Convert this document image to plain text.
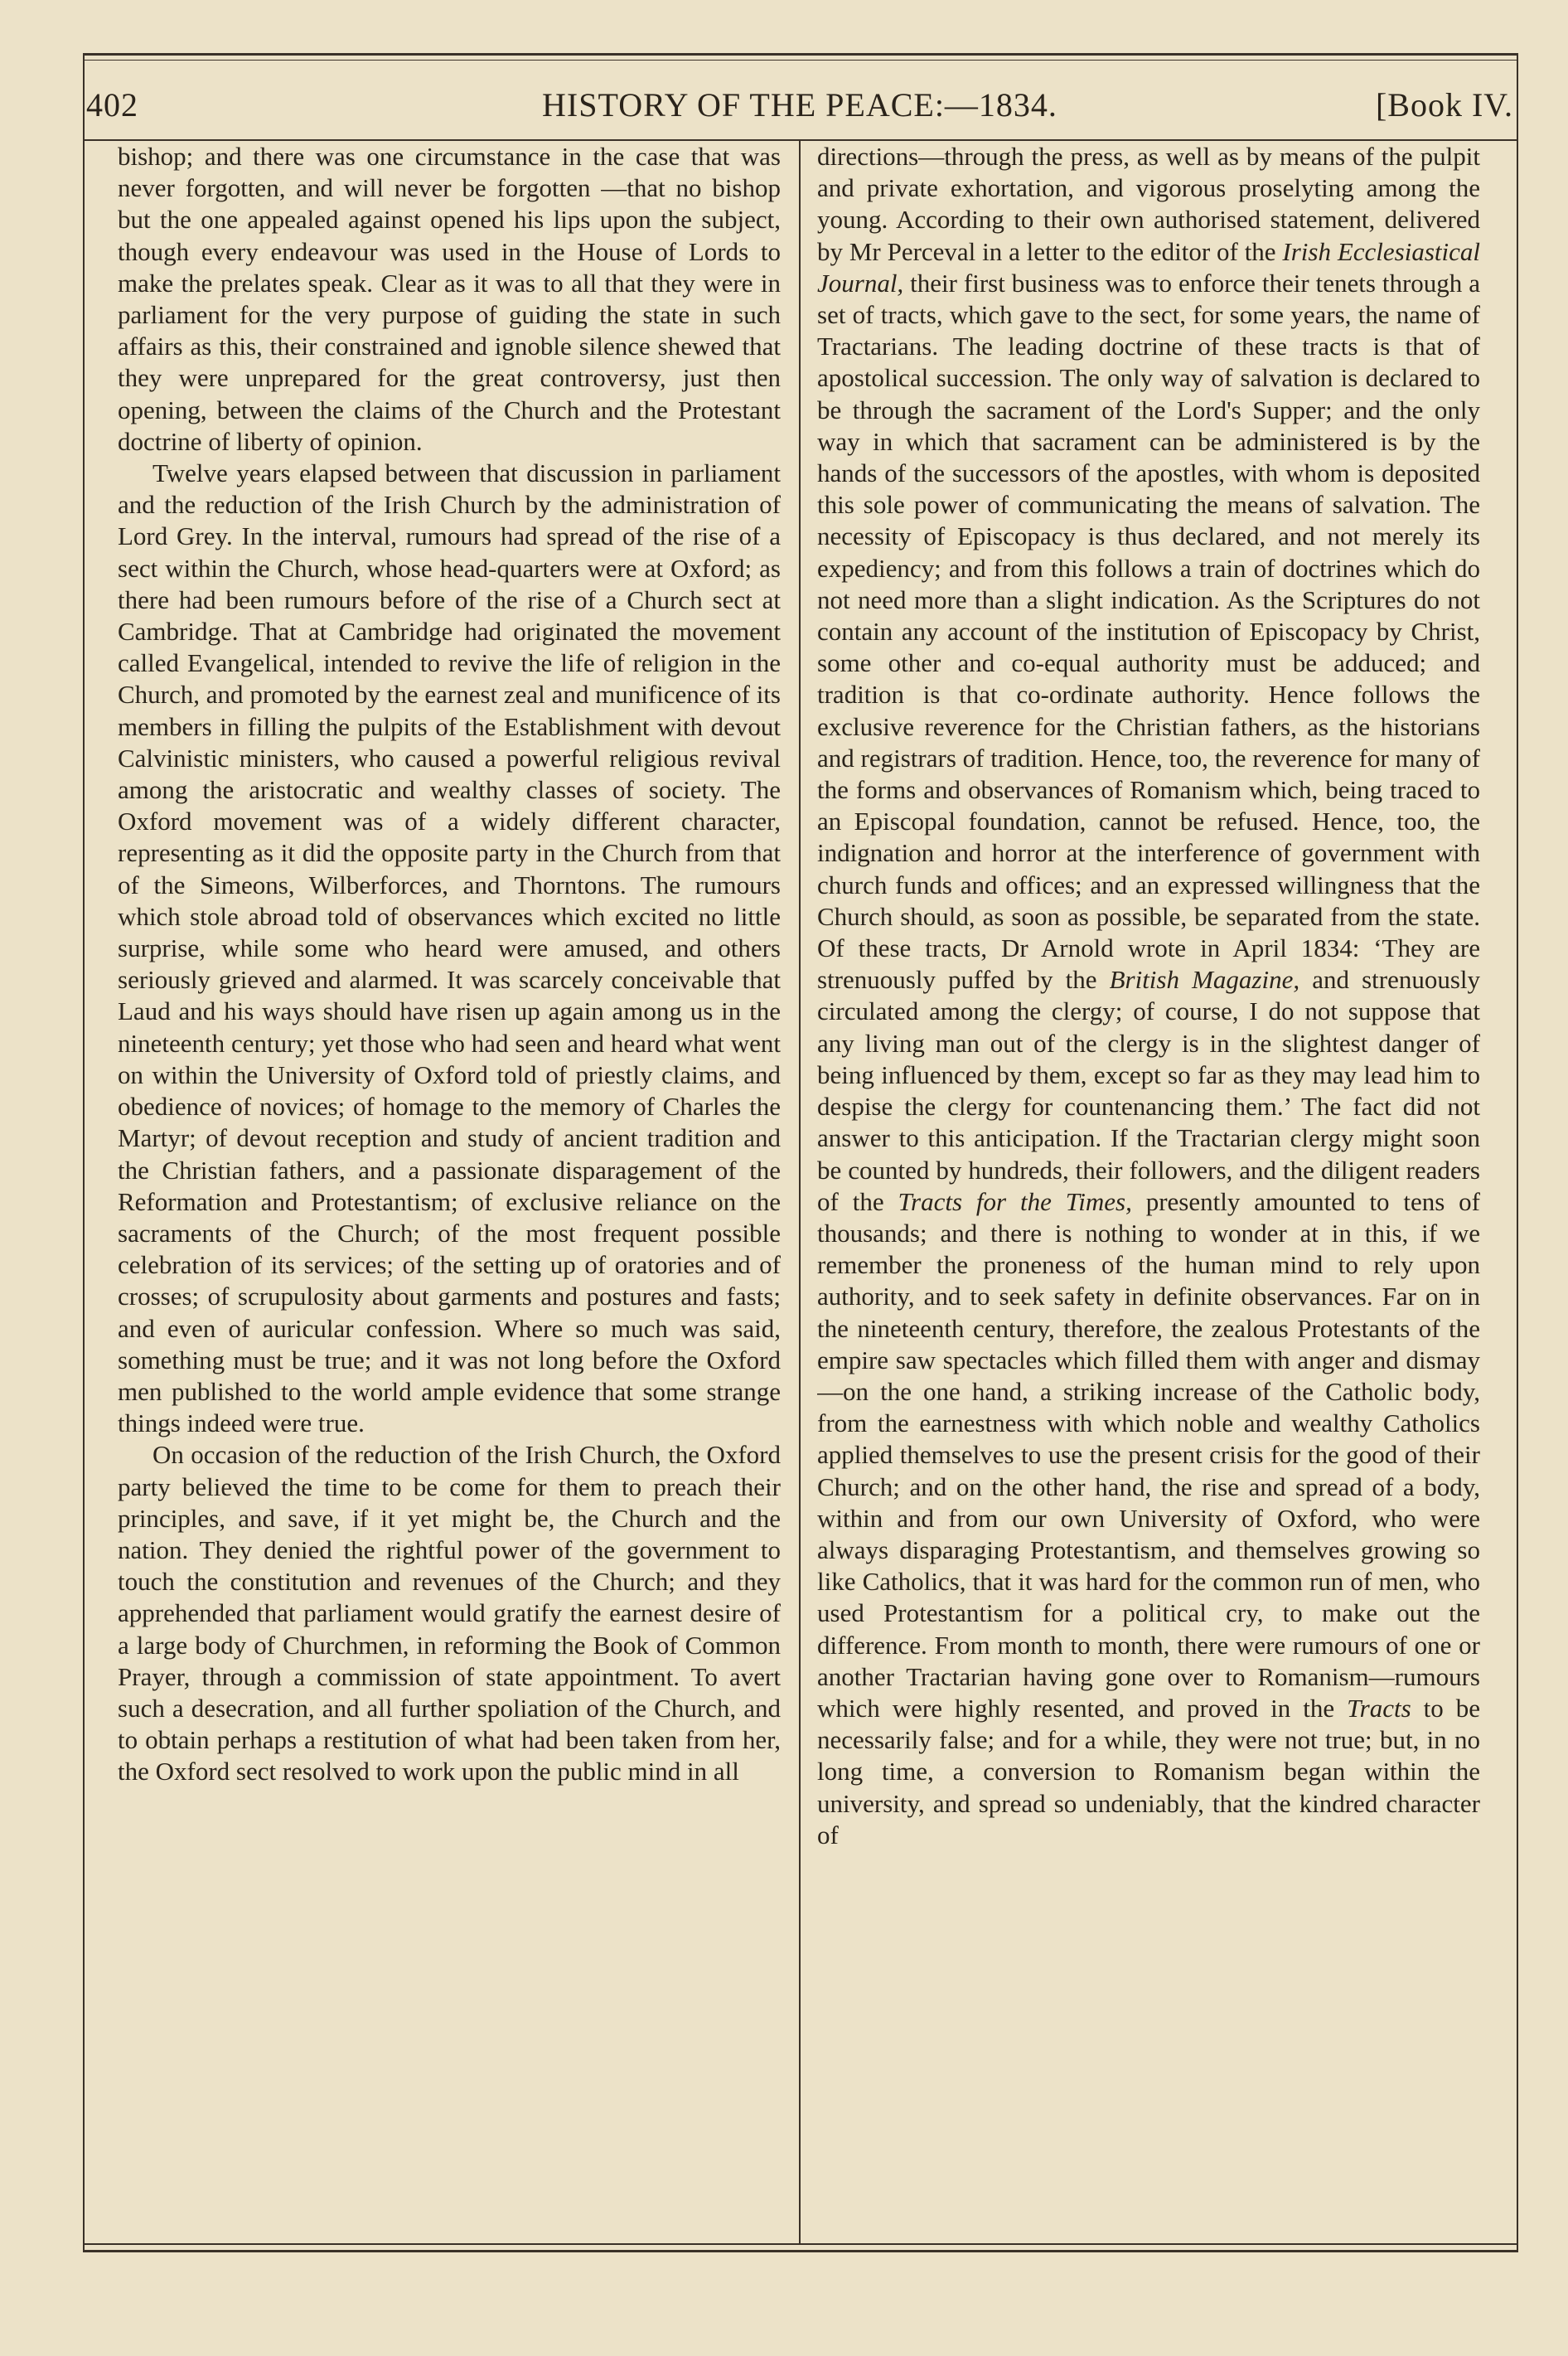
402	HISTORY OF THE PEACE:—1834.	[Book IV.

bishop; and there was one circumstance in the case that was never forgotten, and will never be forgotten —that no bishop but the one appealed against opened his lips upon the subject, though every endeavour was used in the House of Lords to make the prelates speak. Clear as it was to all that they were in parliament for the very purpose of guiding the state in such affairs as this, their constrained and ignoble silence shewed that they were unprepared for the great controversy, just then opening, between the claims of the Church and the Protestant doctrine of liberty of opinion.

Twelve years elapsed between that discussion in parliament and the reduction of the Irish Church by the administration of Lord Grey. In the interval, rumours had spread of the rise of a sect within the Church, whose head-quarters were at Oxford; as there had been rumours before of the rise of a Church sect at Cambridge. That at Cambridge had originated the movement called Evangelical, intended to revive the life of religion in the Church, and promoted by the earnest zeal and munificence of its members in filling the pulpits of the Establishment with devout Calvinistic ministers, who caused a powerful religious revival among the aristocratic and wealthy classes of society. The Oxford movement was of a widely different character, representing as it did the opposite party in the Church from that of the Simeons, Wilberforces, and Thorntons. The rumours which stole abroad told of observances which excited no little surprise, while some who heard were amused, and others seriously grieved and alarmed. It was scarcely conceivable that Laud and his ways should have risen up again among us in the nineteenth century; yet those who had seen and heard what went on within the University of Oxford told of priestly claims, and obedience of novices; of homage to the memory of Charles the Martyr; of devout reception and study of ancient tradition and the Christian fathers, and a passionate disparagement of the Reformation and Protestantism; of exclusive reliance on the sacraments of the Church; of the most frequent possible celebration of its services; of the setting up of oratories and of crosses; of scrupulosity about garments and postures and fasts; and even of auricular confession. Where so much was said, something must be true; and it was not long before the Oxford men published to the world ample evidence that some strange things indeed were true.

On occasion of the reduction of the Irish Church, the Oxford party believed the time to be come for them to preach their principles, and save, if it yet might be, the Church and the nation. They denied the rightful power of the government to touch the constitution and revenues of the Church; and they apprehended that parliament would gratify the earnest desire of a large body of Churchmen, in reforming the Book of Common Prayer, through a commission of state appointment. To avert such a desecration, and all further spoliation of the Church, and to obtain perhaps a restitution of what had been taken from her, the Oxford sect resolved to work upon the public mind in all

directions—through the press, as well as by means of the pulpit and private exhortation, and vigorous proselyting among the young. According to their own authorised statement, delivered by Mr Perceval in a letter to the editor of the Irish Ecclesiastical Journal, their first business was to enforce their tenets through a set of tracts, which gave to the sect, for some years, the name of Tractarians. The leading doctrine of these tracts is that of apostolical succession. The only way of salvation is declared to be through the sacrament of the Lord's Supper; and the only way in which that sacrament can be administered is by the hands of the successors of the apostles, with whom is deposited this sole power of communicating the means of salvation. The necessity of Episcopacy is thus declared, and not merely its expediency; and from this follows a train of doctrines which do not need more than a slight indication. As the Scriptures do not contain any account of the institution of Episcopacy by Christ, some other and co-equal authority must be adduced; and tradition is that co-ordinate authority. Hence follows the exclusive reverence for the Christian fathers, as the historians and registrars of tradition. Hence, too, the reverence for many of the forms and observances of Romanism which, being traced to an Episcopal foundation, cannot be refused. Hence, too, the indignation and horror at the interference of government with church funds and offices; and an expressed willingness that the Church should, as soon as possible, be separated from the state. Of these tracts, Dr Arnold wrote in April 1834: ‘They are strenuously puffed by the British Magazine, and strenuously circulated among the clergy; of course, I do not suppose that any living man out of the clergy is in the slightest danger of being influenced by them, except so far as they may lead him to despise the clergy for countenancing them.’ The fact did not answer to this anticipation. If the Tractarian clergy might soon be counted by hundreds, their followers, and the diligent readers of the Tracts for the Times, presently amounted to tens of thousands; and there is nothing to wonder at in this, if we remember the proneness of the human mind to rely upon authority, and to seek safety in definite observances. Far on in the nineteenth century, therefore, the zealous Protestants of the empire saw spectacles which filled them with anger and dismay—on the one hand, a striking increase of the Catholic body, from the earnestness with which noble and wealthy Catholics applied themselves to use the present crisis for the good of their Church; and on the other hand, the rise and spread of a body, within and from our own University of Oxford, who were always disparaging Protestantism, and themselves growing so like Catholics, that it was hard for the common run of men, who used Protestantism for a political cry, to make out the difference. From month to month, there were rumours of one or another Tractarian having gone over to Romanism—rumours which were highly resented, and proved in the Tracts to be necessarily false; and for a while, they were not true; but, in no long time, a conversion to Romanism began within the university, and spread so undeniably, that the kindred character of
